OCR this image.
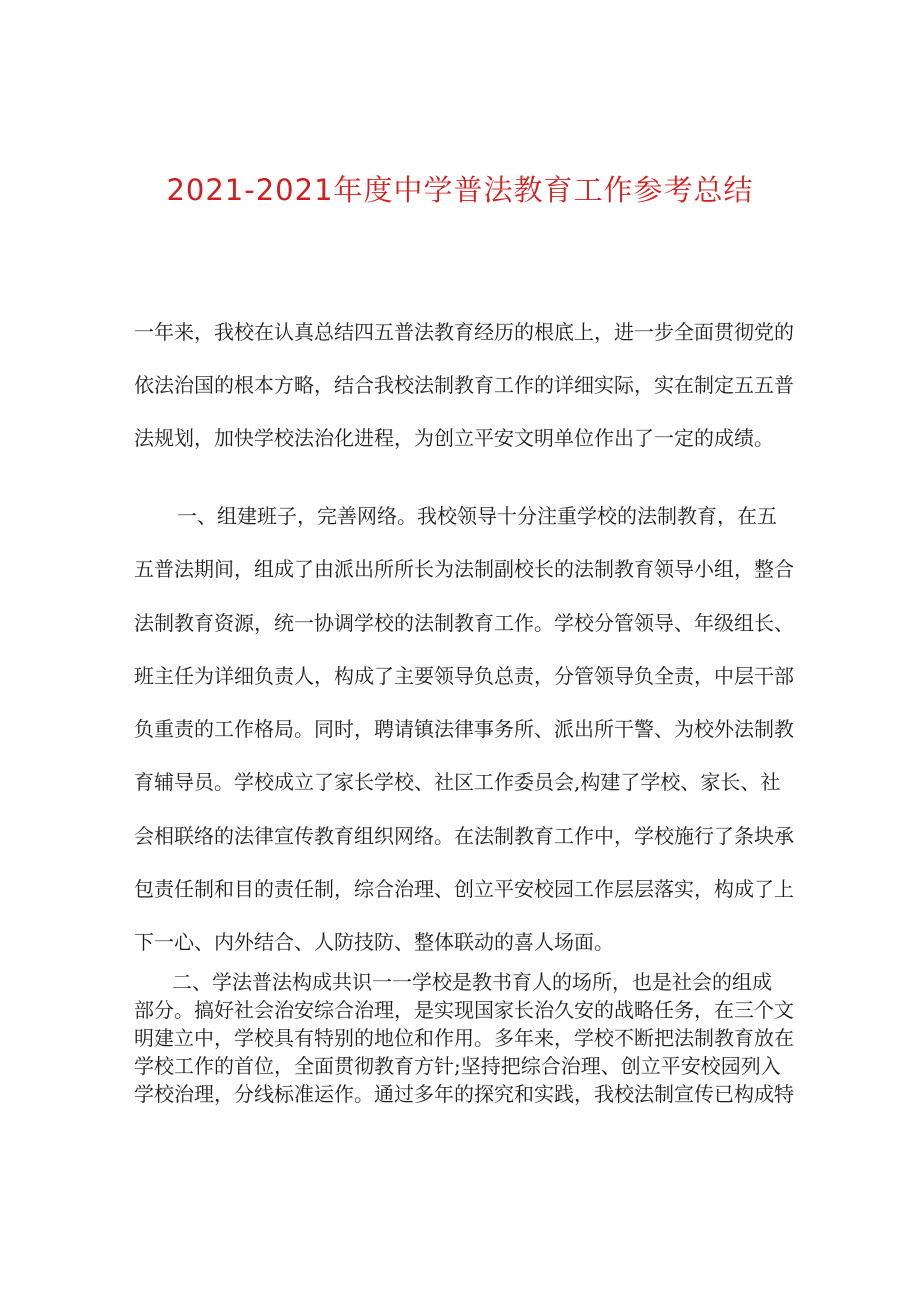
2021-2021年度中学普法教育工作参考总结
一年来，我校在认真总结四五普法教育经历的根底上，进一步全面贯彻党的
依法治国的根本方略，结合我校法制教育工作的详细实际，实在制定五五普
法规划，加快学校法治化进程，为创立平安文明单位作出了一定的成绩。
一、组建班子，完善网络。我校领导十分注重学校的法制教育，在五
五普法期间，组成了由派出所所长为法制副校长的法制教育领导小组，整合
法制教育资源，统一协调学校的法制教育工作。学校分管领导、年级组长、
班主任为详细负责人，构成了主要领导负总责，分管领导负全责，中层干部
负重责的工作格局。同时，聘请镇法律事务所、派出所干警、为校外法制教
育辅导员。学校成立了家长学校、社区工作委员会,构建了学校、家长、社
会相联络的法律宣传教育组织网络。在法制教育工作中，学校施行了条块承
包责任制和目的责任制，综合治理、创立平安校园工作层层落实，构成了上
下一心、内外结合、人防技防、整体联动的喜人场面。
二、学法普法构成共识一一学校是教书育人的场所，也是社会的组成
部分。搞好社会治安综合治理，是实现国家长治久安的战略任务，在三个文
明建立中，学校具有特别的地位和作用。多年来，学校不断把法制教育放在
学校工作的首位，全面贯彻教育方针;坚持把综合治理、创立平安校园列入
学校治理，分线标准运作。通过多年的探究和实践，我校法制宣传已构成特
